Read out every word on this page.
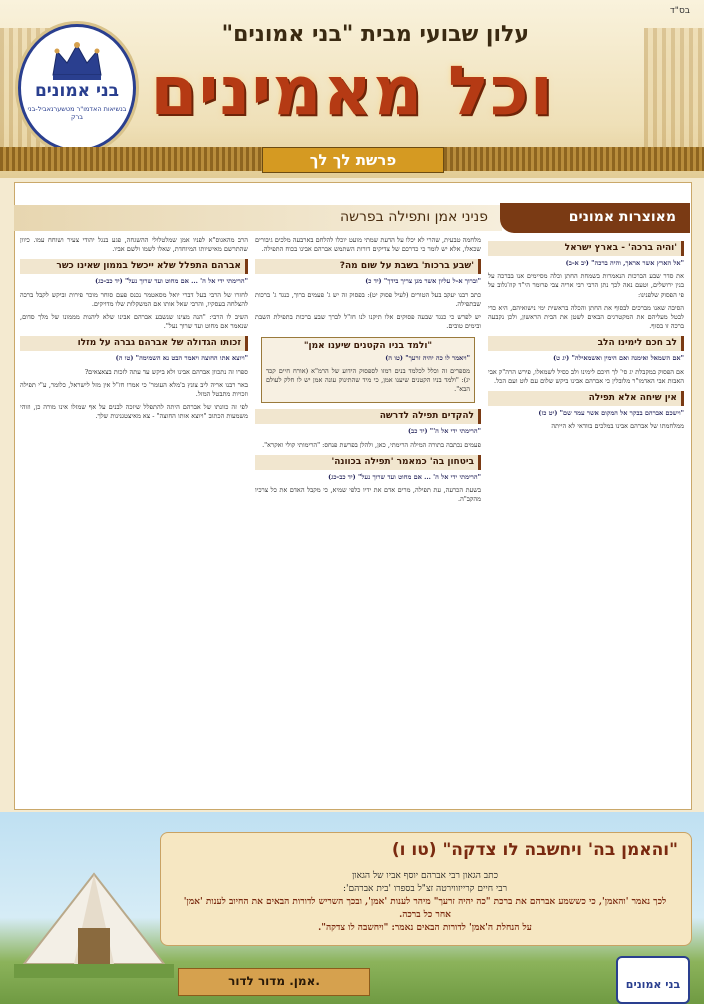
בס"ד
בני אמונים
בנשיאות האדמו"ר מטשערנאביל-בני ברק
עלון שבועי מבית "בני אמונים"
וכל מאמינים
פרשת לך לך
פניני אמן ותפילה בפרשה	מאוצרות אמונים
'והיה ברכה' - בארץ ישראל

"אל הארץ אשר אראך, והיה ברכה" (יב א-ב)

את סדר שבע הברכות הנאמרות בשמחת החתן וכלה מסיימים אנו בברכה על בנין ירושלים, וטעם נאה לכך נתן הרבי רבי אריה צבי פרומר הי"ד קוז'גלוב על פי הפסוק שלפנינו:

הסיבה שאנו מברכים לבסוף את החתן והכלה בראשית ימי נישואיהם, היא כדי לבטל מעליהם את המקטרגים הבאים לשטן את הבית הראשון, ולכן נקבעה ברכה זו בסוף.

לב חכם לימינו הלב

"אם השמאל ואימנה ואם הימין ואשמאילה" (יג ט)

אם הפסוק במקבלת יג סי' לך חיכם לימינו ולב כסיל לשמאלו, פירש הרה"ק אבי האבות אבי האדמו"ר מלובלין כי אברהם אבינו ביקש שלום עם לוט ועם הכל.

אין שיחה אלא תפילה

"וישכם אברהם בבקר אל המקום אשר עמד שם" (יט כז)

ממלחמתו של אברהם אבינו במלכים בוודאי לא הייתה

מלחמה טבעית, שהרי לא יכלו על הדעת שמתי מועט יוכלו להלחם בארבעה מלכים גיבורים שכאלו, אלא יש לומר כי כדרכם של צדיקים דורות השתמש אברהם אבינו בכוח התפילה.

'שבע ברכות' בשבת על שום מה?

"וברוך א-ל עליון אשר מגן צריך בידך" (יד כ)

כתב רבנו יעקב בעל הטורים (לעיל פסוק יט): בפסוק זה יש ג' פעמים ברוך, כנגד ג' ברכות שבתפילה.

יש לפרש כי כנגד שבעה פסוקים אלו תיקנו לנו חז"ל לברך שבע ברכות בתפילת השבת ובימים טובים.

"ולמד בניו הקטנים שיענו אמן"

"ויאמר לו כה יהיה זרעך" (טו ה)

מספרים זה וכלל לכלמד בנים רמזו לספסוק הידוע של הרמ"א (אורח חיים קכד יג): "ולמד בניו הקטנים שיענו אמן, כי מיד שהתינוק עונה אמן יש לו חלק לעולם הבא".

להקדים תפילה לדרשה

"הרימתי ידי אל ה'" (יד כב)

פעמים נכתבה בתורה המילה הרימתי, כאן, ולהלן בפרשת פנחס: "הרימותי קולי ואקרא".

ביטחון בה' כמאמר 'תפילה בכוונה'

"הרימתי ידי אל ה' ... אם מחוט ועד שרוך נעל" (יד כב-כג)

בשעת הכרעה, עת תפילה, מרים אדם את ידיו כלפי שמיא, כי מקבל האדם את כל צרכיו מהקב"ה.

הרב מהאגוס"א לפניו אמן שמלטלולי ההשגחה, פגע בנגל יהודי צעיר ושוחח עמו. כיוון שהתרשם מאישיותו המיוחדת, שאלו לשמו ולשם אביו.

אברהם התפלל שלא ייכשל בממון שאינו כשר

"הרימתי ידי אל ה' ... אם מחוט ועד שרוך נעל" (יד כב-כג)

לחזרו של הרבי בעל דברי יואל מסאטמר נכנס פעם סוחר מוכר פירות וביקש לקבל ברכה להצלחה בעסקיו, והרבי שאל אותו אם המשקלות שלו מדויקים.

השיב לו הרבי: "הנה מצינו שנשבע אברהם אבינו שלא ליהנות מממונו של מלך סדום, שנאמר אם מחוט ועד שרוך נעל".

זכותו הגדולה של אברהם גברה על מזלו

"ויוצא אתו החוצה ויאמר הבט נא השמימה" (טו ה)

ספרו זה נתכוון אברהם אבינו ולא ביקש עד עתה לזכות בצאצאים?

באר רבנו אריה ליב צונץ ב'מלא העומר' כי אמרו חז"ל אין מזל לישראל, כלומר, ע"י תפילה וזכויות מתבטל המזל.

לפי זה כוונתו של אברהם היתה להתפלל שיזכה לבנים על אף שמזלו אינו מורה כן, וזוהי משמעות הכתוב "ויוצא אותו החוצה" - צא מאיצטגנינות שלך.

"והאמן בה' ויחשבה לו צדקה" (טו ו)
כתב הגאון רבי אברהם יוסף אביו של הגאון
רבי חיים קרייזווירטה זצ"ל בספרו 'בית אברהם':
לכך נאמר 'והאמן', כי כששמע אברהם את ברכת "כה יהיה זרעך" מיהר לענות 'אמן', ובכך השריש לדורות הבאים את החיוב לענות 'אמן' אחר כל ברכה.
על הנחלת ה'אמן' לדורות הבאים נאמר: "ויחשבה לו צדקה".
אמן. מדור לדור.	בני אמונים
